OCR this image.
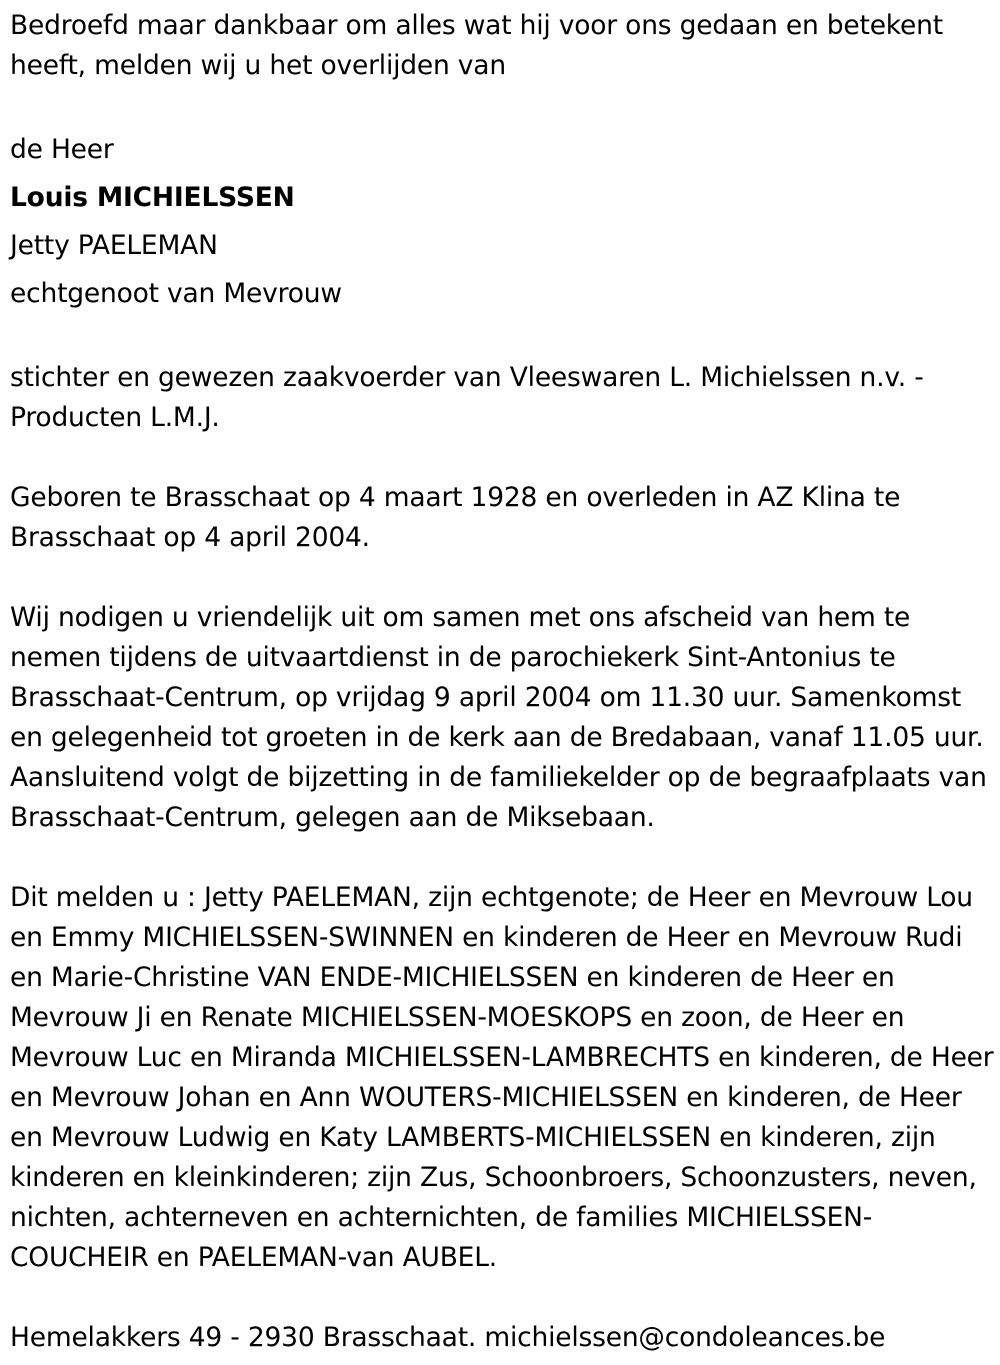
Bedroefd maar dankbaar om alles wat hij voor ons gedaan en betekent heeft, melden wij u het overlijden van

de Heer

Louis MICHIELSSEN

Jetty PAELEMAN

echtgenoot van Mevrouw

stichter en gewezen zaakvoerder van Vleeswaren L. Michielssen n.v. - Producten L.M.J.

Geboren te Brasschaat op 4 maart 1928 en overleden in AZ Klina te Brasschaat op 4 april 2004.

Wij nodigen u vriendelijk uit om samen met ons afscheid van hem te nemen tijdens de uitvaartdienst in de parochiekerk Sint-Antonius te Brasschaat-Centrum, op vrijdag 9 april 2004 om 11.30 uur. Samenkomst en gelegenheid tot groeten in de kerk aan de Bredabaan, vanaf 11.05 uur. Aansluitend volgt de bijzetting in de familiekelder op de begraafplaats van Brasschaat-Centrum, gelegen aan de Miksebaan.

Dit melden u : Jetty PAELEMAN, zijn echtgenote; de Heer en Mevrouw Lou en Emmy MICHIELSSEN-SWINNEN en kinderen de Heer en Mevrouw Rudi en Marie-Christine VAN ENDE-MICHIELSSEN en kinderen de Heer en Mevrouw Ji en Renate MICHIELSSEN-MOESKOPS en zoon, de Heer en Mevrouw Luc en Miranda MICHIELSSEN-LAMBRECHTS en kinderen, de Heer en Mevrouw Johan en Ann WOUTERS-MICHIELSSEN en kinderen, de Heer en Mevrouw Ludwig en Katy LAMBERTS-MICHIELSSEN en kinderen, zijn kinderen en kleinkinderen; zijn Zus, Schoonbroers, Schoonzusters, neven, nichten, achterneven en achternichten, de families MICHIELSSEN-COUCHEIR en PAELEMAN-van AUBEL.

Hemelakkers 49 - 2930 Brasschaat. michielssen@condoleances.be
